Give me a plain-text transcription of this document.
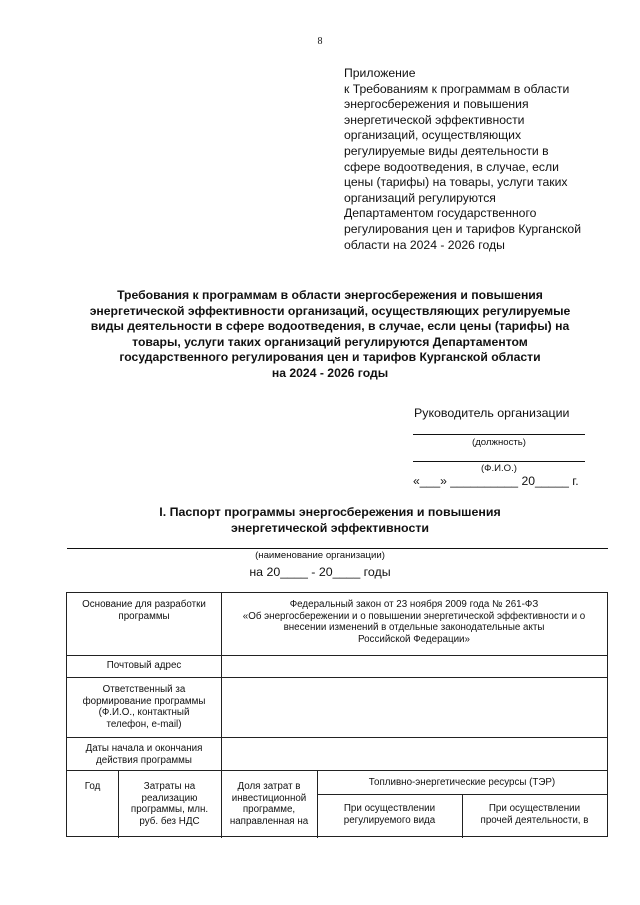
8
Приложение
к Требованиям к программам в области
энергосбережения и повышения
энергетической эффективности
организаций, осуществляющих
регулируемые виды деятельности в
сфере водоотведения, в случае, если
цены (тарифы) на товары, услуги таких
организаций регулируются
Департаментом государственного
регулирования цен и тарифов Курганской
области на 2024 - 2026 годы
Требования к программам в области энергосбережения и повышения
энергетической эффективности организаций, осуществляющих регулируемые
виды деятельности в сфере водоотведения, в случае, если цены (тарифы) на
товары, услуги таких организаций регулируются Департаментом
государственного регулирования цен и тарифов Курганской области
на 2024 - 2026 годы
Руководитель организации
(должность)
(Ф.И.О.)
«___» __________ 20_____ г.
I. Паспорт программы энергосбережения и повышения
энергетической эффективности
(наименование организации)
на 20____ - 20____ годы
Основание для разработки
программы
Федеральный закон от 23 ноября 2009 года № 261-ФЗ
«Об энергосбережении и о повышении энергетической эффективности и о
внесении изменений в отдельные законодательные акты
Российской Федерации»
Почтовый адрес
Ответственный за
формирование программы
(Ф.И.О., контактный
телефон, e-mail)
Даты начала и окончания
действия программы
Год	Затраты на
реализацию
программы, млн.
руб. без НДС
Доля затрат в
инвестиционной
программе,
направленная на
Топливно-энергетические ресурсы (ТЭР)
При осуществлении
регулируемого вида
При осуществлении
прочей деятельности, в
